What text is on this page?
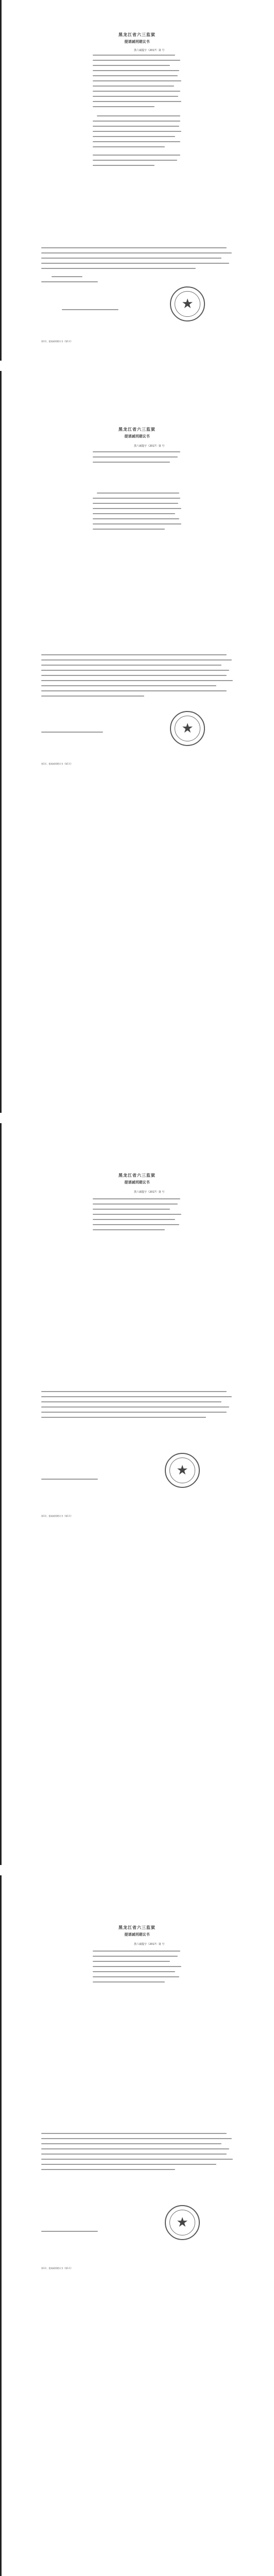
黑龙江省六三监狱
提请减刑建议书
黑六减提字（2017）第 号
★
第1页，提请减刑建议书（第1页）
黑龙江省六三监狱
提请减刑建议书
黑六减提字（2017）第 号
★
第1页，提请减刑建议书（第1页）
黑龙江省六三监狱
提请减刑建议书
黑六减提字（2017）第 号
★
第1页，提请减刑建议书（第1页）
黑龙江省六三监狱
提请减刑建议书
黑六减提字（2017）第 号
★
第1页，提请减刑建议书（第1页）
